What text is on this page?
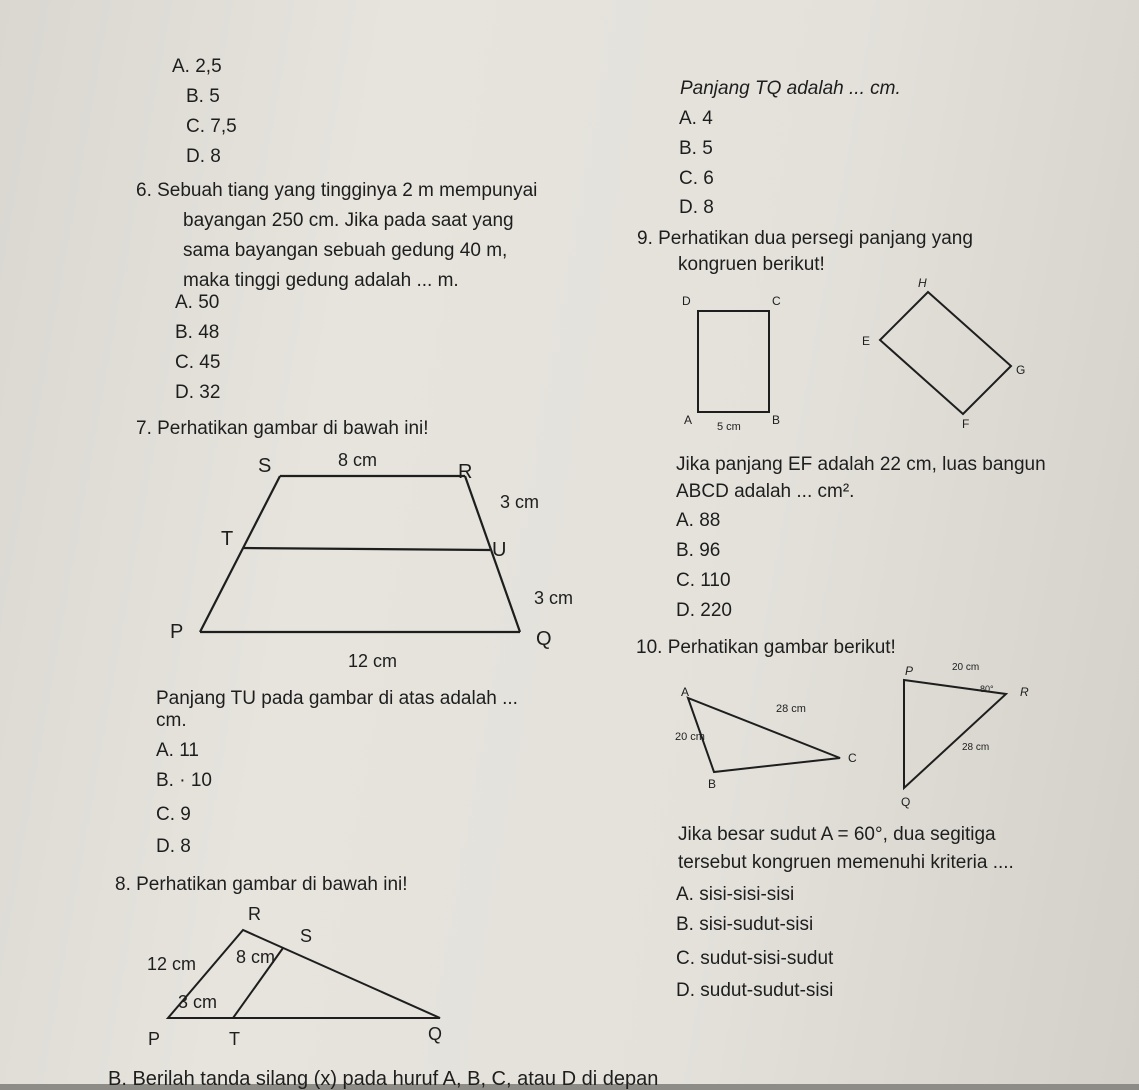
A. 2,5
B. 5
C. 7,5
D. 8
6. Sebuah tiang yang tingginya 2 m mempunyai
bayangan 250 cm. Jika pada saat yang
sama bayangan sebuah gedung 40 m,
maka tinggi gedung adalah ... m.
A. 50
B. 48
C. 45
D. 32
7. Perhatikan gambar di bawah ini!
S	R
T	U
P	Q
8 cm
3 cm
3 cm
12 cm
Panjang TU pada gambar di atas adalah ...
cm.
A. 11
B. · 10
C. 9
D. 8
8. Perhatikan gambar di bawah ini!
R
S
P	T	Q
12 cm 8 cm
3 cm
Panjang TQ adalah ... cm.
A. 4
B. 5
C. 6
D. 8
9. Perhatikan dua persegi panjang yang
kongruen berikut!
D	C
A	B
5 cm
H
E
G
F
Jika panjang EF adalah 22 cm, luas bangun
ABCD adalah ... cm².
A. 88
B. 96
C. 110
D. 220
10. Perhatikan gambar berikut!
A
B
C
28 cm
20 cm
P
R
Q
20 cm
80°
28 cm
Jika besar sudut A = 60°, dua segitiga
tersebut kongruen memenuhi kriteria ....
A. sisi-sisi-sisi
B. sisi-sudut-sisi
C. sudut-sisi-sudut
D. sudut-sudut-sisi
B. Berilah tanda silang (x) pada huruf A, B, C, atau D di depan
